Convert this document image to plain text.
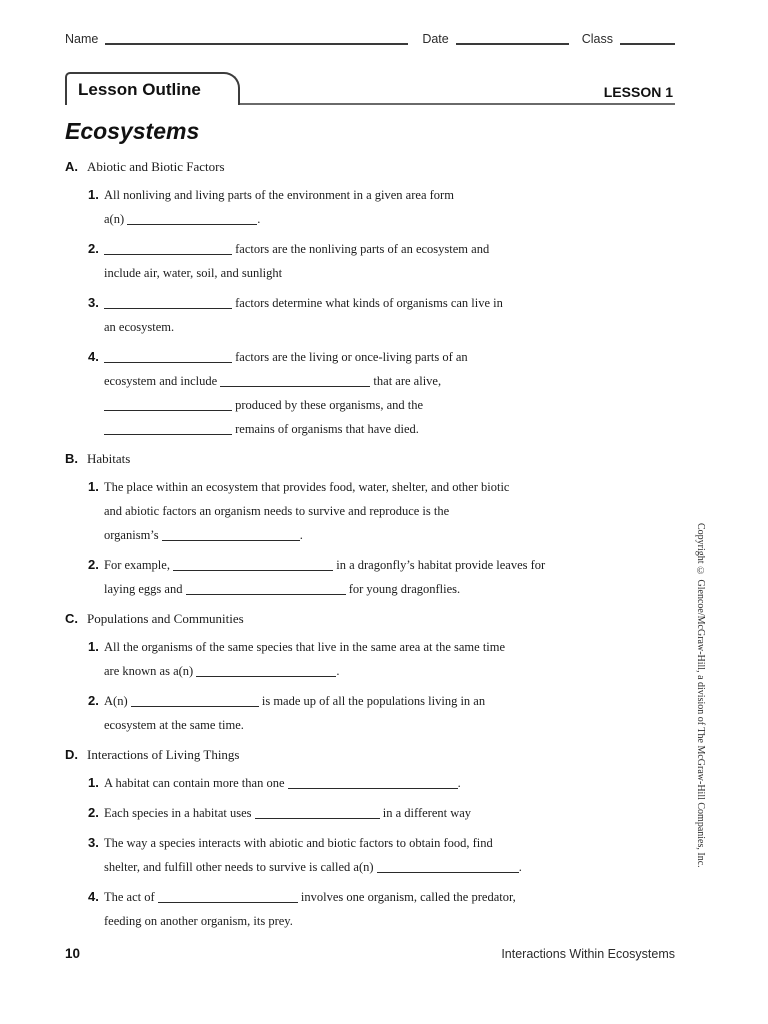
Name	Date	Class
Lesson Outline	LESSON 1
Ecosystems
A. Abiotic and Biotic Factors
1. All nonliving and living parts of the environment in a given area form
a(n)	.
2.	factors are the nonliving parts of an ecosystem and
include air, water, soil, and sunlight
3.	factors determine what kinds of organisms can live in
an ecosystem.
4.	factors are the living or once-living parts of an
ecosystem and include	that are alive,
produced by these organisms, and the
remains of organisms that have died.
B. Habitats
1. The place within an ecosystem that provides food, water, shelter, and other biotic
and abiotic factors an organism needs to survive and reproduce is the
organism’s	.
2. For example,	in a dragonfly’s habitat provide leaves for
laying eggs and	for young dragonflies.
C. Populations and Communities
1. All the organisms of the same species that live in the same area at the same time
are known as a(n)	.
2. A(n)	is made up of all the populations living in an
ecosystem at the same time.
D. Interactions of Living Things
1. A habitat can contain more than one	.
2. Each species in a habitat uses	in a different way
3. The way a species interacts with abiotic and biotic factors to obtain food, find
shelter, and fulfill other needs to survive is called a(n)	.
4. The act of	involves one organism, called the predator,
feeding on another organism, its prey.
Copyright © Glencoe/McGraw-Hill, a division of The McGraw-Hill Companies, Inc.
10	Interactions Within Ecosystems
